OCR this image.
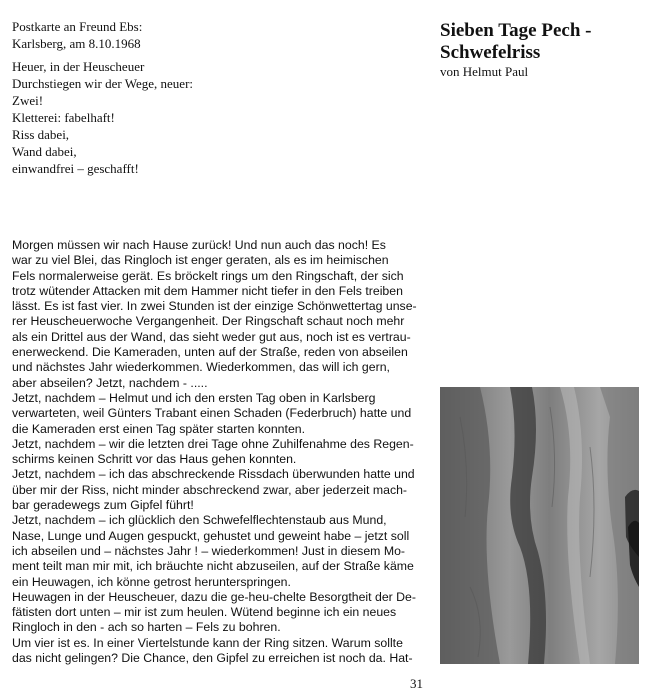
Postkarte an Freund Ebs:
Karlsberg, am 8.10.1968
Heuer, in der Heuscheuer
Durchstiegen wir der Wege, neuer:
Zwei!
Kletterei: fabelhaft!
Riss dabei,
Wand dabei,
einwandfrei – geschafft!
Sieben Tage Pech -
Schwefelriss
von Helmut Paul
Morgen müssen wir nach Hause zurück! Und nun auch das noch! Es
war zu viel Blei, das Ringloch ist enger geraten, als es im heimischen
Fels normalerweise gerät. Es bröckelt rings um den Ringschaft, der sich
trotz wütender Attacken mit dem Hammer nicht tiefer in den Fels treiben
lässt. Es ist fast vier. In zwei Stunden ist der einzige Schönwettertag unse-
rer Heuscheuerwoche Vergangenheit. Der Ringschaft schaut noch mehr
als ein Drittel aus der Wand, das sieht weder gut aus, noch ist es vertrau-
enerweckend. Die Kameraden, unten auf der Straße, reden von abseilen
und nächstes Jahr wiederkommen. Wiederkommen, das will ich gern,
aber abseilen? Jetzt, nachdem - .....
Jetzt, nachdem – Helmut und ich den ersten Tag oben in Karlsberg
verwarteten, weil Günters Trabant einen Schaden (Federbruch) hatte und
die Kameraden erst einen Tag später starten konnten.
Jetzt, nachdem – wir die letzten drei Tage ohne Zuhilfenahme des Regen-
schirms keinen Schritt vor das Haus gehen konnten.
Jetzt, nachdem – ich das abschreckende Rissdach überwunden hatte und
über mir der Riss, nicht minder abschreckend zwar, aber jederzeit mach-
bar geradewegs zum Gipfel führt!
Jetzt, nachdem – ich glücklich den Schwefelflechtenstaub aus Mund,
Nase, Lunge und Augen gespuckt, gehustet und geweint habe – jetzt soll
ich abseilen und – nächstes Jahr ! – wiederkommen! Just in diesem Mo-
ment teilt man mir mit, ich bräuchte nicht abzuseilen, auf der Straße käme
ein Heuwagen, ich könne getrost herunterspringen.
Heuwagen in der Heuscheuer, dazu die ge-heu-chelte Besorgtheit der De-
fätisten dort unten – mir ist zum heulen. Wütend beginne ich ein neues
Ringloch in den - ach so harten – Fels zu bohren.
Um vier ist es. In einer Viertelstunde kann der Ring sitzen. Warum sollte
das nicht gelingen? Die Chance, den Gipfel zu erreichen ist noch da. Hat-
31
